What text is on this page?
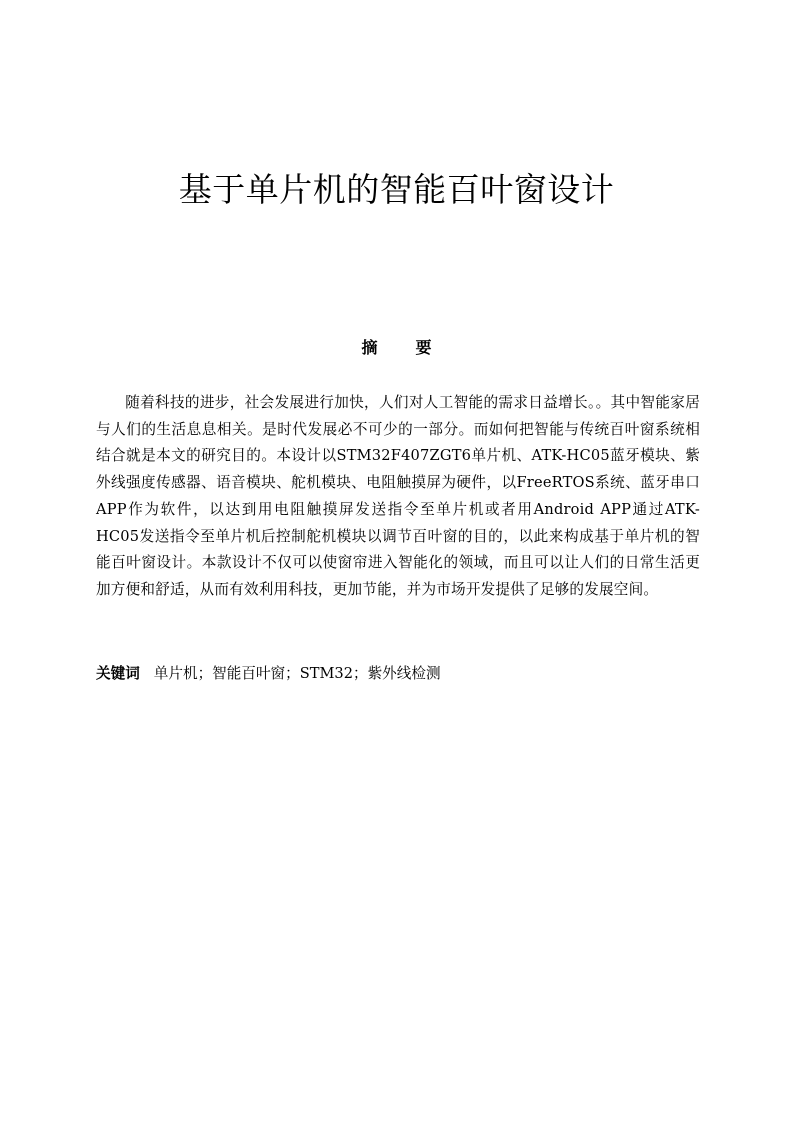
基于单片机的智能百叶窗设计
摘 要

随着科技的进步，社会发展进行加快，人们对人工智能的需求日益增长。。其中智能家居与人们的生活息息相关。是时代发展必不可少的一部分。而如何把智能与传统百叶窗系统相结合就是本文的研究目的。本设计以STM32F407ZGT6单片机、ATK-HC05蓝牙模块、紫外线强度传感器、语音模块、舵机模块、电阻触摸屏为硬件，以FreeRTOS系统、蓝牙串口APP作为软件，以达到用电阻触摸屏发送指令至单片机或者用Android APP通过ATK-HC05发送指令至单片机后控制舵机模块以调节百叶窗的目的，以此来构成基于单片机的智能百叶窗设计。本款设计不仅可以使窗帘进入智能化的领域，而且可以让人们的日常生活更加方便和舒适，从而有效利用科技，更加节能，并为市场开发提供了足够的发展空间。

关键词 单片机；智能百叶窗；STM32；紫外线检测
